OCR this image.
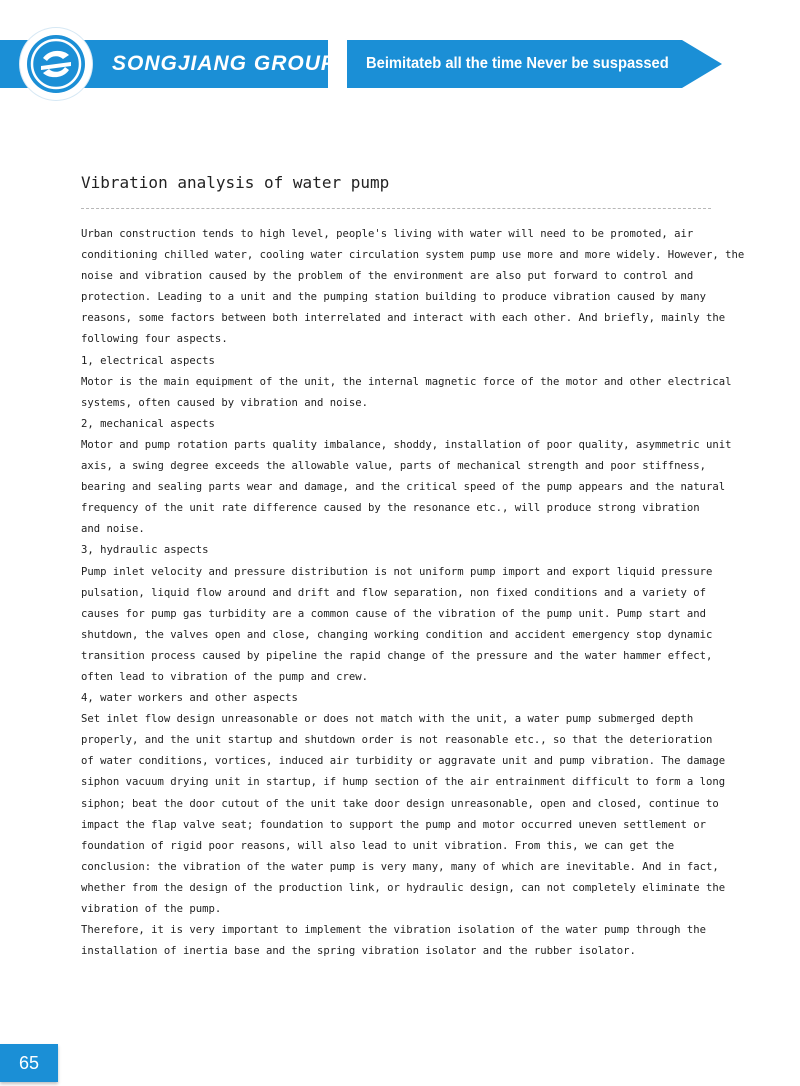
SONGJIANG GROUP Beimitateb all the time Never be suspassed
Vibration analysis of water pump
Urban construction tends to high level, people's living with water will need to be promoted, air
conditioning chilled water, cooling water circulation system pump use more and more widely. However, the
noise and vibration caused by the problem of the environment are also put forward to control and
protection. Leading to a unit and the pumping station building to produce vibration caused by many
reasons, some factors between both interrelated and interact with each other. And briefly, mainly the
following four aspects.
1, electrical aspects
Motor is the main equipment of the unit, the internal magnetic force of the motor and other electrical
systems, often caused by vibration and noise.
2, mechanical aspects
Motor and pump rotation parts quality imbalance, shoddy, installation of poor quality, asymmetric unit
axis, a swing degree exceeds the allowable value, parts of mechanical strength and poor stiffness,
bearing and sealing parts wear and damage, and the critical speed of the pump appears and the natural
frequency of the unit rate difference caused by the resonance etc., will produce strong vibration
and noise.
3, hydraulic aspects
Pump inlet velocity and pressure distribution is not uniform pump import and export liquid pressure
pulsation, liquid flow around and drift and flow separation, non fixed conditions and a variety of
causes for pump gas turbidity are a common cause of the vibration of the pump unit. Pump start and
shutdown, the valves open and close, changing working condition and accident emergency stop dynamic
transition process caused by pipeline the rapid change of the pressure and the water hammer effect,
often lead to vibration of the pump and crew.
4, water workers and other aspects
Set inlet flow design unreasonable or does not match with the unit, a water pump submerged depth
properly, and the unit startup and shutdown order is not reasonable etc., so that the deterioration
of water conditions, vortices, induced air turbidity or aggravate unit and pump vibration. The damage
siphon vacuum drying unit in startup, if hump section of the air entrainment difficult to form a long
siphon; beat the door cutout of the unit take door design unreasonable, open and closed, continue to
impact the flap valve seat; foundation to support the pump and motor occurred uneven settlement or
foundation of rigid poor reasons, will also lead to unit vibration. From this, we can get the
conclusion: the vibration of the water pump is very many, many of which are inevitable. And in fact,
whether from the design of the production link, or hydraulic design, can not completely eliminate the
vibration of the pump.
Therefore, it is very important to implement the vibration isolation of the water pump through the
installation of inertia base and the spring vibration isolator and the rubber isolator.
65
